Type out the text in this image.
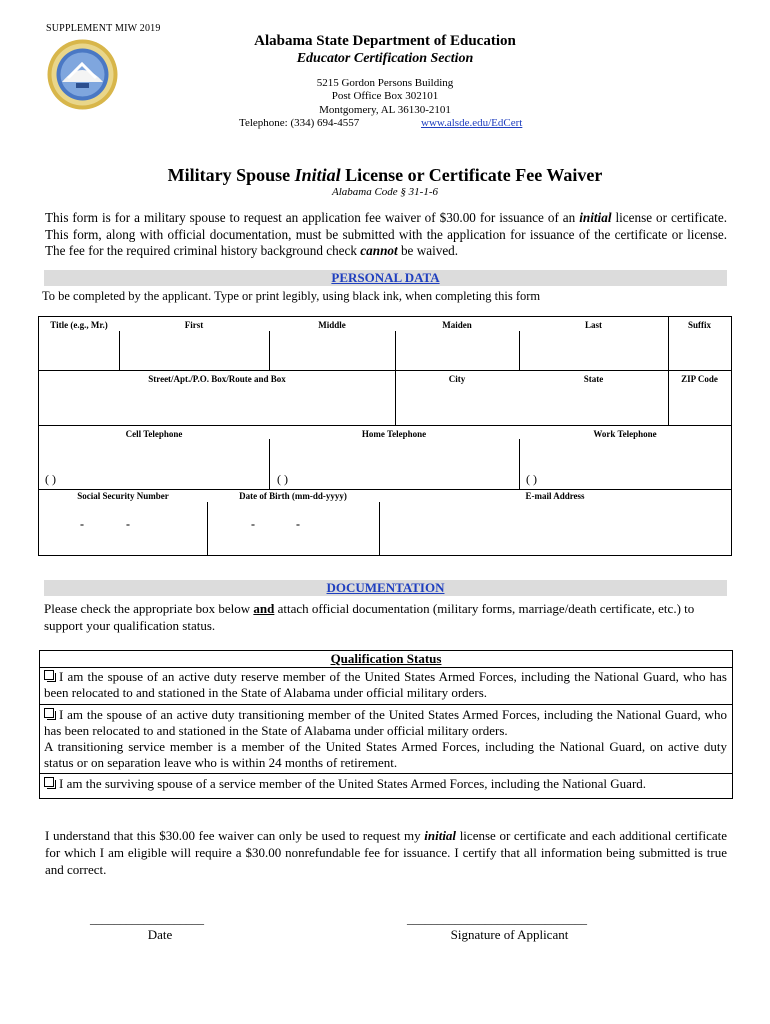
SUPPLEMENT MIW 2019
Alabama State Department of Education
Educator Certification Section
5215 Gordon Persons Building
Post Office Box 302101
Montgomery, AL 36130-2101
Telephone: (334) 694-4557	www.alsde.edu/EdCert
Military Spouse Initial License or Certificate Fee Waiver
Alabama Code § 31-1-6
This form is for a military spouse to request an application fee waiver of $30.00 for issuance of an initial license or certificate. This form, along with official documentation, must be submitted with the application for issuance of the certificate or license. The fee for the required criminal history background check cannot be waived.
PERSONAL DATA
To be completed by the applicant. Type or print legibly, using black ink, when completing this form
Title (e.g., Mr.)	First	Middle	Maiden	Last	Suffix
Street/Apt./P.O. Box/Route and Box	City	State	ZIP Code
Cell Telephone	Home Telephone	Work Telephone
( )	( )	( )
Social Security Number	Date of Birth (mm-dd-yyyy)	E-mail Address
-	-	-	-
DOCUMENTATION
Please check the appropriate box below and attach official documentation (military forms, marriage/death certificate, etc.) to support your qualification status.
Qualification Status
I am the spouse of an active duty reserve member of the United States Armed Forces, including the National Guard, who has been relocated to and stationed in the State of Alabama under official military orders.
I am the spouse of an active duty transitioning member of the United States Armed Forces, including the National Guard, who has been relocated to and stationed in the State of Alabama under official military orders.
A transitioning service member is a member of the United States Armed Forces, including the National Guard, on active duty status or on separation leave who is within 24 months of retirement.
I am the surviving spouse of a service member of the United States Armed Forces, including the National Guard.
I understand that this $30.00 fee waiver can only be used to request my initial license or certificate and each additional certificate for which I am eligible will require a $30.00 nonrefundable fee for issuance. I certify that all information being submitted is true and correct.
___________________
Date
______________________________
Signature of Applicant
